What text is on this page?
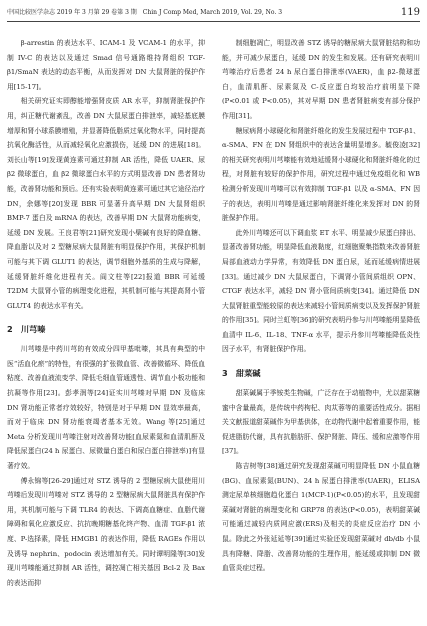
中国比较医学杂志 2019 年 3 月第 29 卷第 3 期　Chin J Comp Med, March 2019, Vol. 29, No. 3	119

β-arrestin 的表达水平、ICAM-1 及 VCAM-1 的水平，抑制 IV-C 的表达以及通过 Smad 信号通路维持肾组织 TGF-β1/SmaN 表达的动态平衡，从而发挥对 DN 大鼠肾脏的保护作用[15-17]。

相关研究证实即醇能增强肾皮质 AR 水平，抑制肾脏保护作用，纠正糖代谢紊乱，改善 DN 大鼠尿蛋白排泄率，减轻基底膜增厚和肾小球系膜增殖，并显著降低脂质过氧化物水平，同时提高抗氧化酶活性，从而减轻氧化应激损伤，延缓 DN 的进展[18]。刘长山等[19]发现黄连素可通过抑制 AR 活性，降低 UAER、尿 β2 微球蛋白，血 β2 微球蛋白水平的方式明显改善 DN 患者肾功能，改善肾功能和预后。还有实验表明黄连素可通过其它途径治疗 DN，余娜等[20]发现 BBR 可显著升高早期 DN 大鼠肾组织 BMP-7 蛋白及 mRNA 的表达，改善早期 DN 大鼠肾功能病变，延缓 DN 发展。王良君等[21]研究发现小檗碱有良好的降血糖、降血脂以及对 2 型糖尿病大鼠肾脏有明显保护作用，其保护机制可能与其下调 GLUT1 的表达，调节细胞外基质的生成与降解，延缓肾脏纤维化进程有关。阎文柱等[22]报道 BBR 可延缓 T2DM 大鼠肾小管的病理变化进程，其机制可能与其提高肾小管 GLUT4 的表达水平有关。

2　川芎嗪

川芎嗪是中药川芎的有效成分四甲基吡嗪，其具有典型的中医“活血化瘀”的特性，有很强的扩张微血管、改善微循环、降低血粘度、改善血液流变学、降低毛细血管通透性、调节血小板功能和抗凝等作用[23]。彭孝润等[24]证实川芎嗪对早期 DN 及临床 DN 肾功能正常者疗效较好，特别是对于早期 DN 显效率最高，而对于临床 DN 肾功能衰竭者基本无效。Wang 等[25]通过 Meta 分析发现川芎嗪注射对改善肾功能[血尿素氮和血清肌酐及降低尿蛋白(24 h 尿蛋白、尿微量白蛋白和尿白蛋白排泄率)]有显著疗效。

傅永锦等[26-29]通过对 STZ 诱导的 2 型糖尿病大鼠使用川芎嗪后发现川芎嗪对 STZ 诱导的 2 型糖尿病大鼠肾脏具有保护作用，其机制可能与下调 TLR4 的表达、下调高血糖症、血脂代谢障碍和氧化应激反应、抗抗晚期糖基化终产物、血清 TGF-β1 浓度、P-选择素，降低 HMGB1 的表达作用，降低 RAGEs 作用以及诱导 nephrin、podocin 表达增加有关。同时谭明隆等[30]发现川芎嗪能通过抑制 AR 活性，调控凋亡相关基因 Bcl-2 及 Bax 的表达而抑

制细胞凋亡，明显改善 STZ 诱导的糖尿病大鼠肾脏结构和功能，并可减少尿蛋白，延缓 DN 的发生和发展。还有研究表明川芎嗪治疗后患者 24 h 尿白蛋白排泄率(VAER)，血 β2-微球蛋白，血清肌酐、尿素氮及 C-反应蛋白均较治疗前明显下降(P<0.01 或 P<0.05)，其对早期 DN 患者肾脏病变有部分保护作用[31]。

糖尿病肾小球硬化和肾脏纤维化的发生发展过程中 TGF-β1、α-SMA、FN 在 DN 肾组织中的表达含量明显增多。毓俊凌[32]的相关研究表明川芎嗪能有效地延缓肾小球硬化和肾脏纤维化的过程，对肾脏有较好的保护作用，研究过程中通过免疫组化和 WB 检测分析发现川芎嗪可以有效抑制 TGF-β1 以及 α-SMA、FN 因子的表达，表明川芎嗪是通过影响肾脏纤维化来发挥对 DN 的肾脏保护作用。

此外川芎嗪还可以下调血浆 ET 水平、明显减少尿蛋白排出、显著改善肾功能，明显降低血液黏度，红细胞聚集指数来改善肾脏局部血液动力学异常，有效降低 DN 蛋白尿，延而延缓病情进展[33]。通过减少 DN 大鼠尿蛋白，下调肾小管间质组织 OPN、CTGF 表达水平，减轻 DN 肾小管间质病变[34]。通过降低 DN 大鼠肾脏重型能较原的表达来减轻小管间质病变以及发挥保护肾脏的作用[35]。同时兰虹等[36]的研究表明丹参与川芎嗪能明显降低血清中 IL-6、IL-18、TNF-α 水平，提示丹参川芎嗪能降低炎性因子水平，有肾脏保护作用。

3　甜菜碱

甜菜碱属于季铵类生物碱，广泛存在于动植物中，尤以甜菜糖蜜中含量最高，是传统中药枸杞、肉苁蓉等的重要活性成分。据相关文献报道甜菜碱作为甲基供体，在动物代谢中起着重要作用，能促进脂肪代谢，具有抗脂肪肝、保护肾脏、降压、缓和应激等作用[37]。

陈吉树等[38]通过研究发现甜菜碱可明显降低 DN 小鼠血糖(BG)、血尿素氮(BUN)、24 h 尿蛋白排泄率(UAER)，ELISA 测定尿单核细胞趋化蛋白 1(MCP-1)(P<0.05)的水平，且发现甜菜碱对肾脏的病理变化和 GRP78 的表达(P<0.05)，表明甜菜碱可能通过减轻内质网应激(ERS)及相关的炎症反应治疗 DN 小鼠。除此之外张延延等[39]通过实验还发现甜菜碱对 db/db 小鼠具有降糖、降脂、改善肾功能的生理作用，能延缓或抑制 DN 微血管炎症过程。
